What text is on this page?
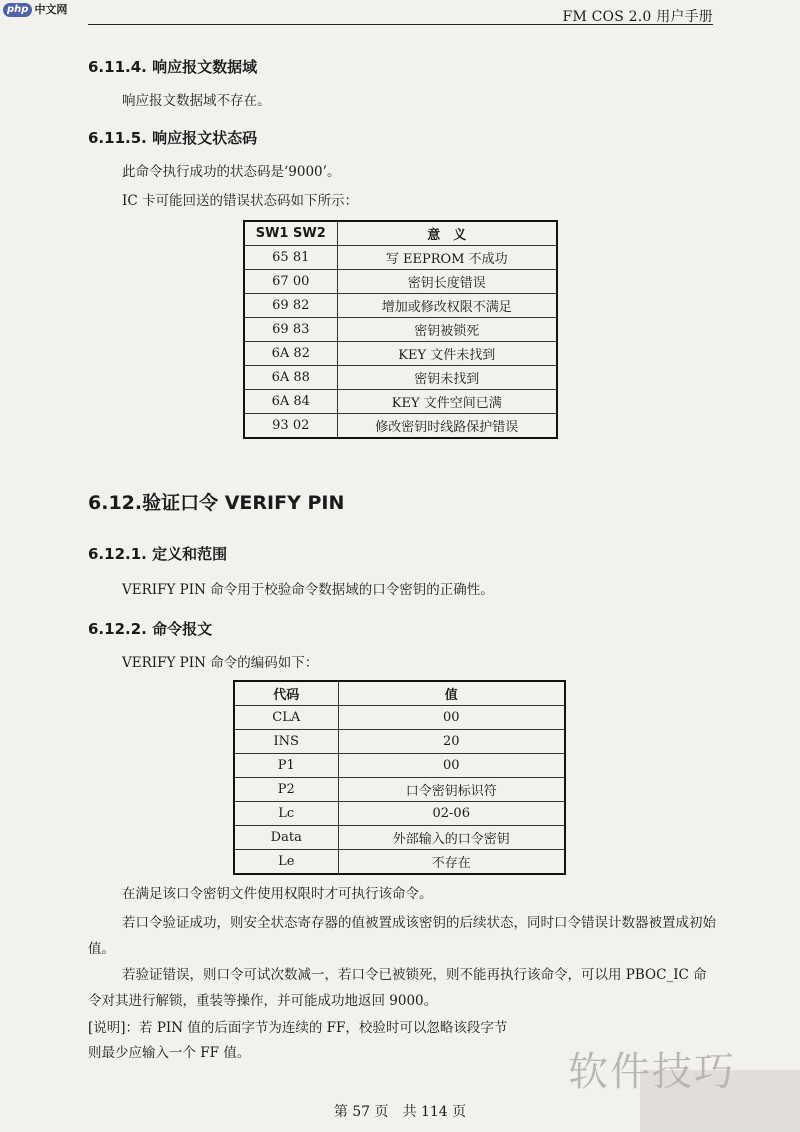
php 中文网	FM COS 2.0 用户手册
6.11.4. 响应报文数据域
响应报文数据域不存在。
6.11.5. 响应报文状态码
此命令执行成功的状态码是‘9000’。
IC 卡可能回送的错误状态码如下所示：
SW1 SW2	意　义
65 81	写 EEPROM 不成功
67 00	密钥长度错误
69 82	增加或修改权限不满足
69 83	密钥被锁死
6A 82	KEY 文件未找到
6A 88	密钥未找到
6A 84	KEY 文件空间已满
93 02	修改密钥时线路保护错误
6.12.验证口令 VERIFY PIN
6.12.1. 定义和范围
VERIFY PIN 命令用于校验命令数据域的口令密钥的正确性。
6.12.2. 命令报文
VERIFY PIN 命令的编码如下：
代码	值
CLA	00
INS	20
P1	00
P2	口令密钥标识符
Lc	02-06
Data	外部输入的口令密钥
Le	不存在
在满足该口令密钥文件使用权限时才可执行该命令。
若口令验证成功，则安全状态寄存器的值被置成该密钥的后续状态，同时口令错误计数器被置成初始值。
若验证错误，则口令可试次数减一，若口令已被锁死，则不能再执行该命令，可以用 PBOC_IC 命令对其进行解锁，重装等操作，并可能成功地返回 9000。
[说明]：若 PIN 值的后面字节为连续的 FF，校验时可以忽略该段字节
则最少应输入一个 FF 值。	软件技巧
第 57 页　共 114 页
